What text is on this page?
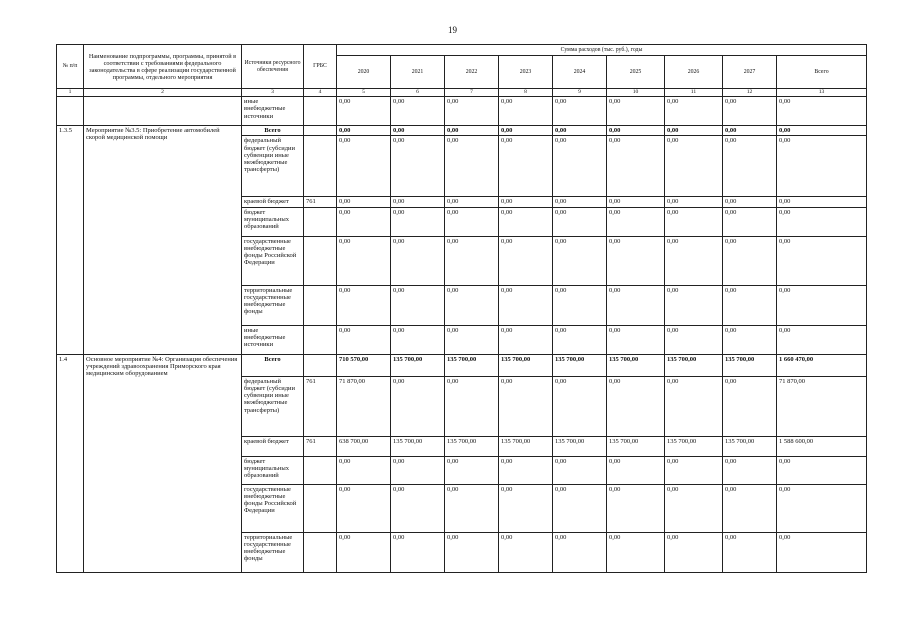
19
№ п/п	Наименование подпрограммы, программы, принятой в соответствии с требованиями федерального законодательства в сфере реализации государственной программы, отдельного мероприятия	Источники ресурсного обеспечения	ГРБС	Сумма расходов (тыс. руб.), годы								
				2020	2021	2022	2023	2024	2025	2026	2027	Всего
1	2	3	4	5	6	7	8	9	10	11	12	13
		иные внебюджетные источники		0,00	0,00	0,00	0,00	0,00	0,00	0,00	0,00	0,00
1.3.5	Мероприятие №3.5: Приобретение автомобилей скорой медицинской помощи	Всего		0,00	0,00	0,00	0,00	0,00	0,00	0,00	0,00	0,00
		федеральный бюджет (субсидии субвенции иные межбюджетные трансферты)		0,00	0,00	0,00	0,00	0,00	0,00	0,00	0,00	0,00
		краевой бюджет	761	0,00	0,00	0,00	0,00	0,00	0,00	0,00	0,00	0,00
		бюджет муниципальных образований		0,00	0,00	0,00	0,00	0,00	0,00	0,00	0,00	0,00
		государственные внебюджетные фонды Российской Федерации		0,00	0,00	0,00	0,00	0,00	0,00	0,00	0,00	0,00
		территориальные государственные внебюджетные фонды		0,00	0,00	0,00	0,00	0,00	0,00	0,00	0,00	0,00
		иные внебюджетные источники		0,00	0,00	0,00	0,00	0,00	0,00	0,00	0,00	0,00
1.4	Основное мероприятие №4: Организация обеспечения учреждений здравоохранения Приморского края медицинским оборудованием	Всего		710 570,00	135 700,00	135 700,00	135 700,00	135 700,00	135 700,00	135 700,00	135 700,00	1 660 470,00
		федеральный бюджет (субсидии субвенции иные межбюджетные трансферты)	761	71 870,00	0,00	0,00	0,00	0,00	0,00	0,00	0,00	71 870,00
		краевой бюджет	761	638 700,00	135 700,00	135 700,00	135 700,00	135 700,00	135 700,00	135 700,00	135 700,00	1 588 600,00
		бюджет муниципальных образований		0,00	0,00	0,00	0,00	0,00	0,00	0,00	0,00	0,00
		государственные внебюджетные фонды Российской Федерации		0,00	0,00	0,00	0,00	0,00	0,00	0,00	0,00	0,00
		территориальные государственные внебюджетные фонды		0,00	0,00	0,00	0,00	0,00	0,00	0,00	0,00	0,00
